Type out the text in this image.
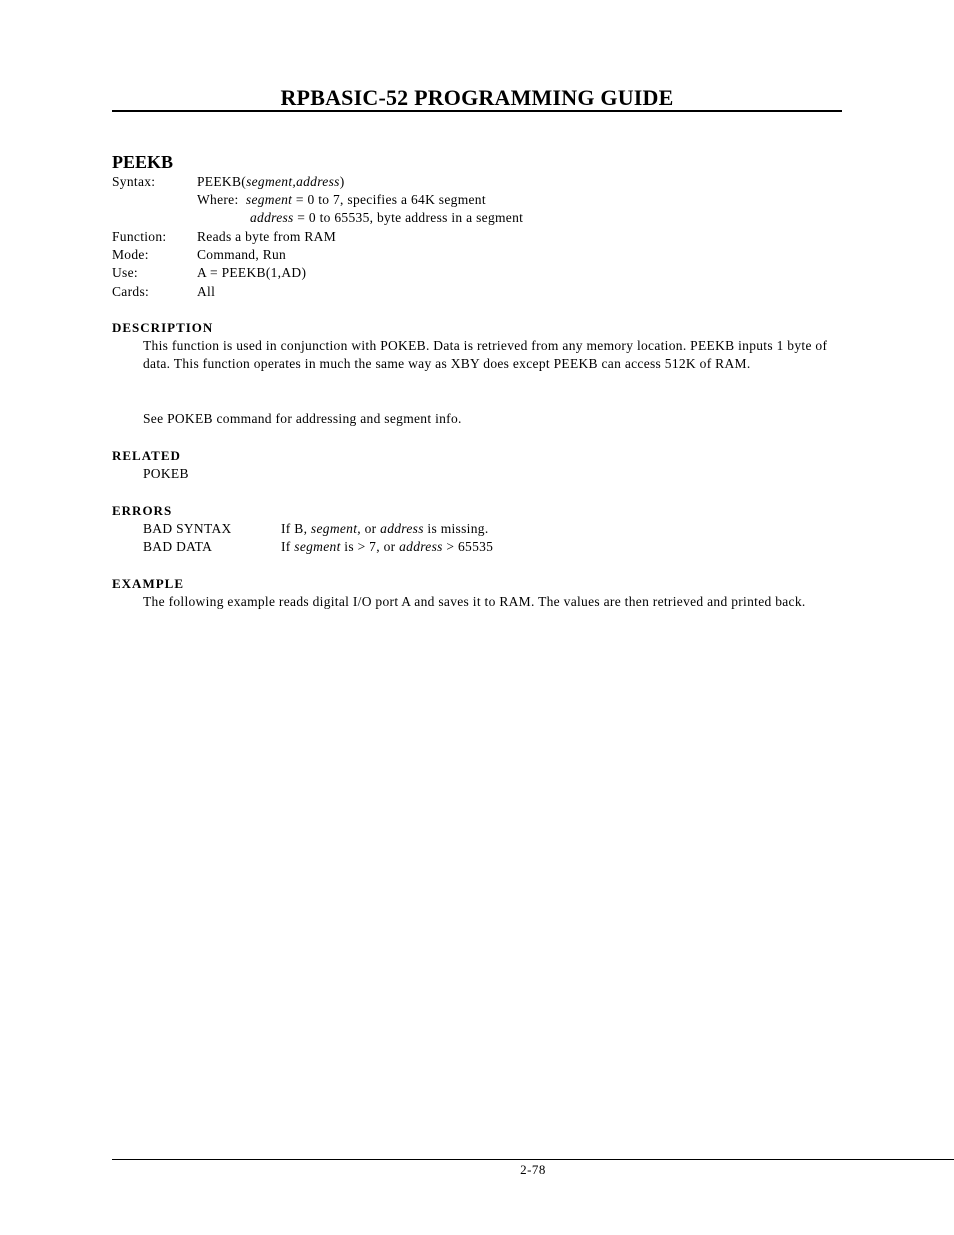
RPBASIC-52 PROGRAMMING GUIDE
PEEKB
Syntax:	PEEKB(segment,address)
Where: segment = 0 to 7, specifies a 64K segment
address = 0 to 65535, byte address in a segment
Function: Reads a byte from RAM
Mode:	Command, Run
Use:	A = PEEKB(1,AD)
Cards:	All
DESCRIPTION
This function is used in conjunction with POKEB. Data is retrieved from any memory location. PEEKB inputs 1 byte of data. This function operates in much the same way as XBY does except PEEKB can access 512K of RAM.
See POKEB command for addressing and segment info.
RELATED
POKEB
ERRORS
BAD SYNTAX	If B, segment, or address is missing.
BAD DATA	If segment is > 7, or address > 65535
EXAMPLE
The following example reads digital I/O port A and saves it to RAM. The values are then retrieved and printed back.
2-78
